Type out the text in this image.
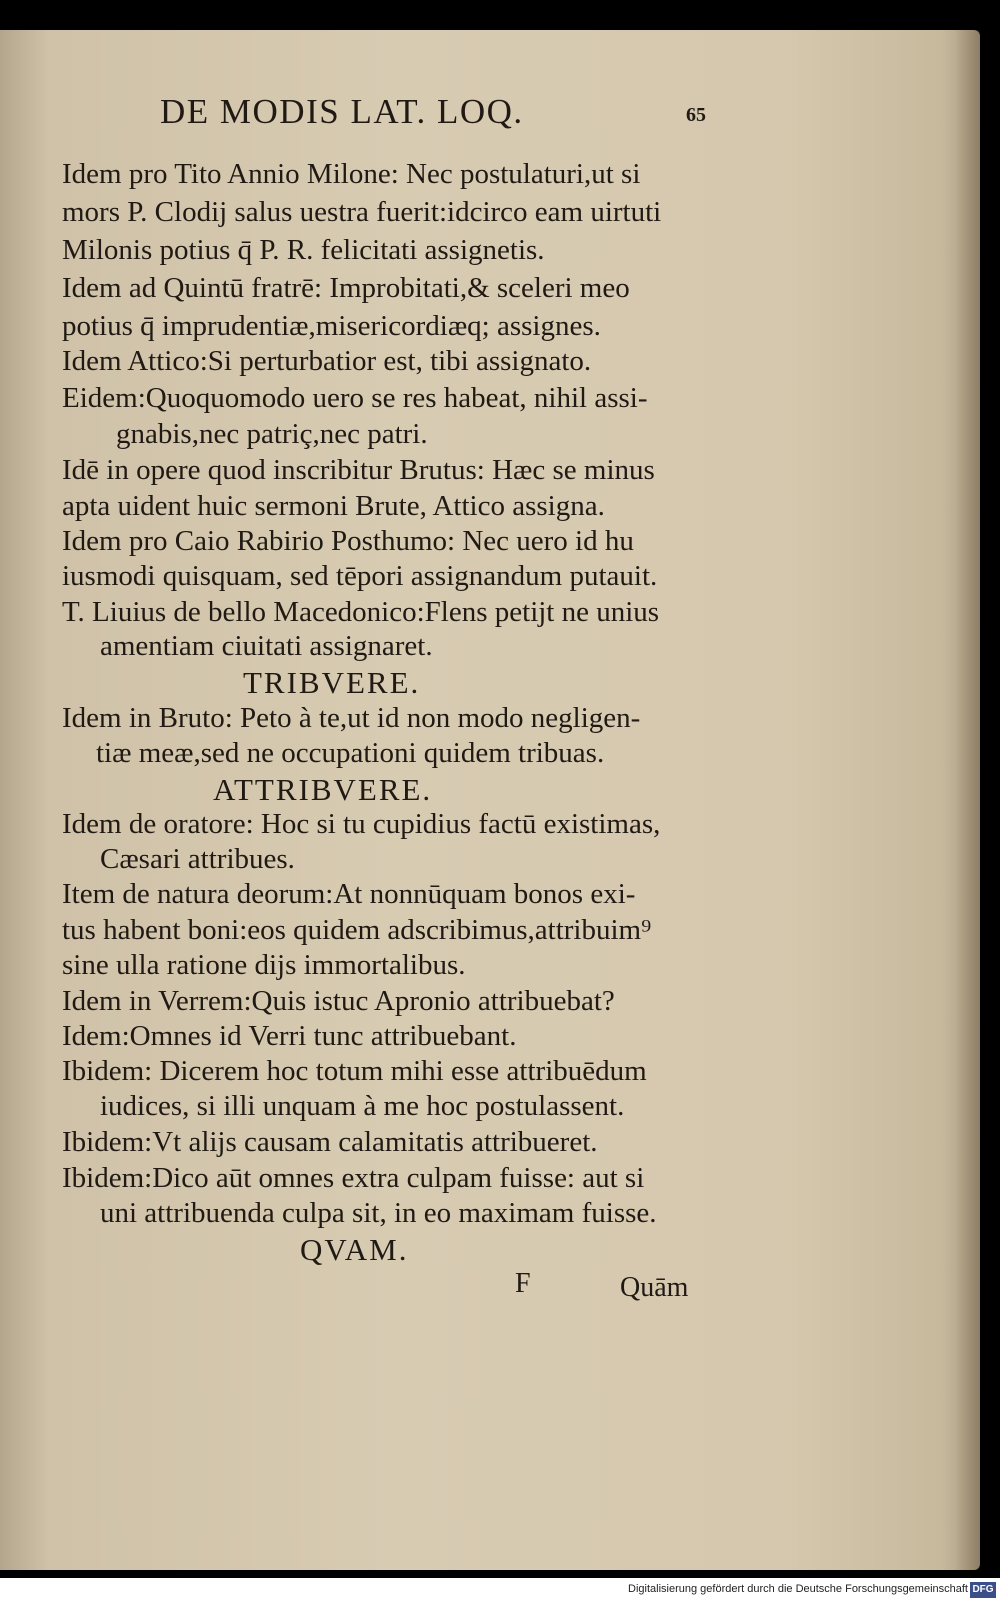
DE MODIS LAT. LOQ.	65
Idem pro Tito Annio Milone: Nec postulaturi,ut si
mors P. Clodij salus uestra fuerit:idcirco eam uirtuti
Milonis potius q̄ P. R. felicitati assignetis.
Idem ad Quintū fratrē: Improbitati,& sceleri meo
potius q̄ imprudentiæ,misericordiæq; assignes.
Idem Attico:Si perturbatior est, tibi assignato.
Eidem:Quoquomodo uero se res habeat, nihil assi-
gnabis,nec patriç,nec patri.
Idē in opere quod inscribitur Brutus: Hæc se minus
apta uident huic sermoni Brute, Attico assigna.
Idem pro Caio Rabirio Posthumo: Nec uero id hu
iusmodi quisquam, sed tēpori assignandum putauit.
T. Liuius de bello Macedonico:Flens petijt ne unius
amentiam ciuitati assignaret.
TRIBVERE.
Idem in Bruto: Peto à te,ut id non modo negligen-
tiæ meæ,sed ne occupationi quidem tribuas.
ATTRIBVERE.
Idem de oratore: Hoc si tu cupidius factū existimas,
Cæsari attribues.
Item de natura deorum:At nonnūquam bonos exi-
tus habent boni:eos quidem adscribimus,attribuim⁹
sine ulla ratione dijs immortalibus.
Idem in Verrem:Quis istuc Apronio attribuebat?
Idem:Omnes id Verri tunc attribuebant.
Ibidem: Dicerem hoc totum mihi esse attribuēdum
iudices, si illi unquam à me hoc postulassent.
Ibidem:Vt alijs causam calamitatis attribueret.
Ibidem:Dico aūt omnes extra culpam fuisse: aut si
uni attribuenda culpa sit, in eo maximam fuisse.
QVAM.
F	Quām
Digitalisierung gefördert durch die Deutsche Forschungsgemeinschaft DFG
